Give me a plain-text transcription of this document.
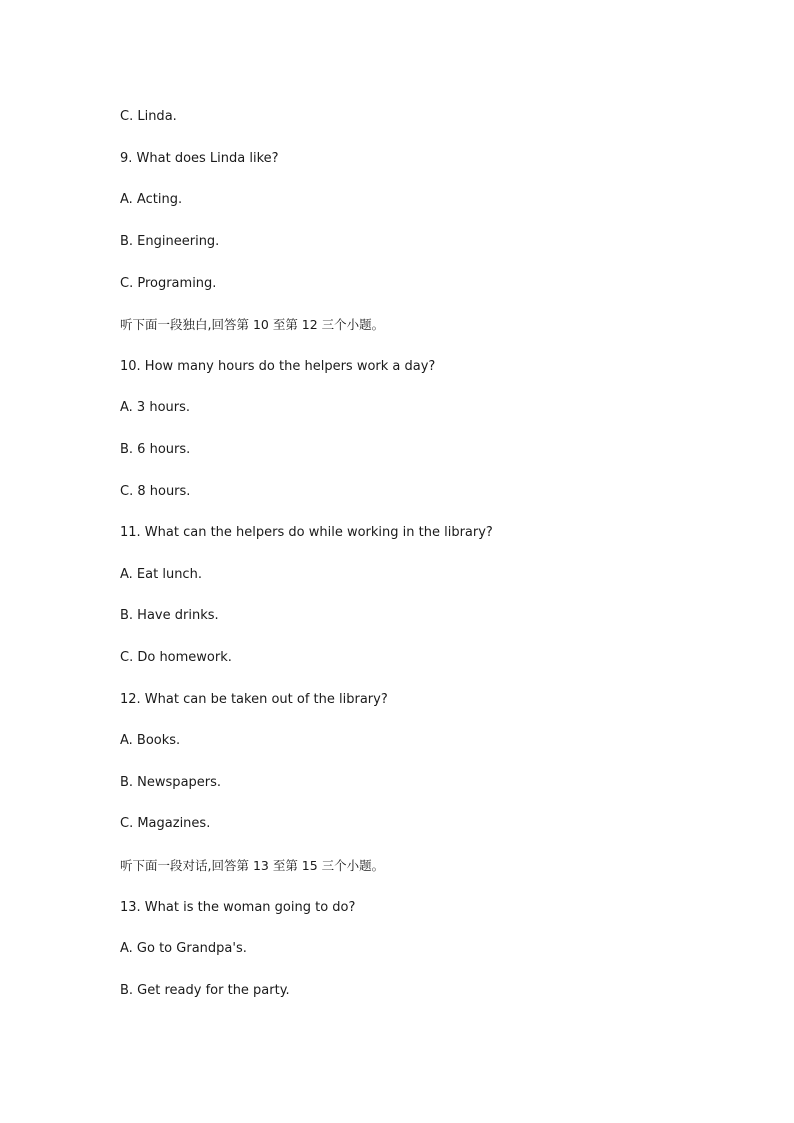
C. Linda.
9. What does Linda like?
A. Acting.
B. Engineering.
C. Programing.
听下面一段独白,回答第 10 至第 12 三个小题。
10. How many hours do the helpers work a day?
A. 3 hours.
B. 6 hours.
C. 8 hours.
11. What can the helpers do while working in the library?
A. Eat lunch.
B. Have drinks.
C. Do homework.
12. What can be taken out of the library?
A. Books.
B. Newspapers.
C. Magazines.
听下面一段对话,回答第 13 至第 15 三个小题。
13. What is the woman going to do?
A. Go to Grandpa's.
B. Get ready for the party.
